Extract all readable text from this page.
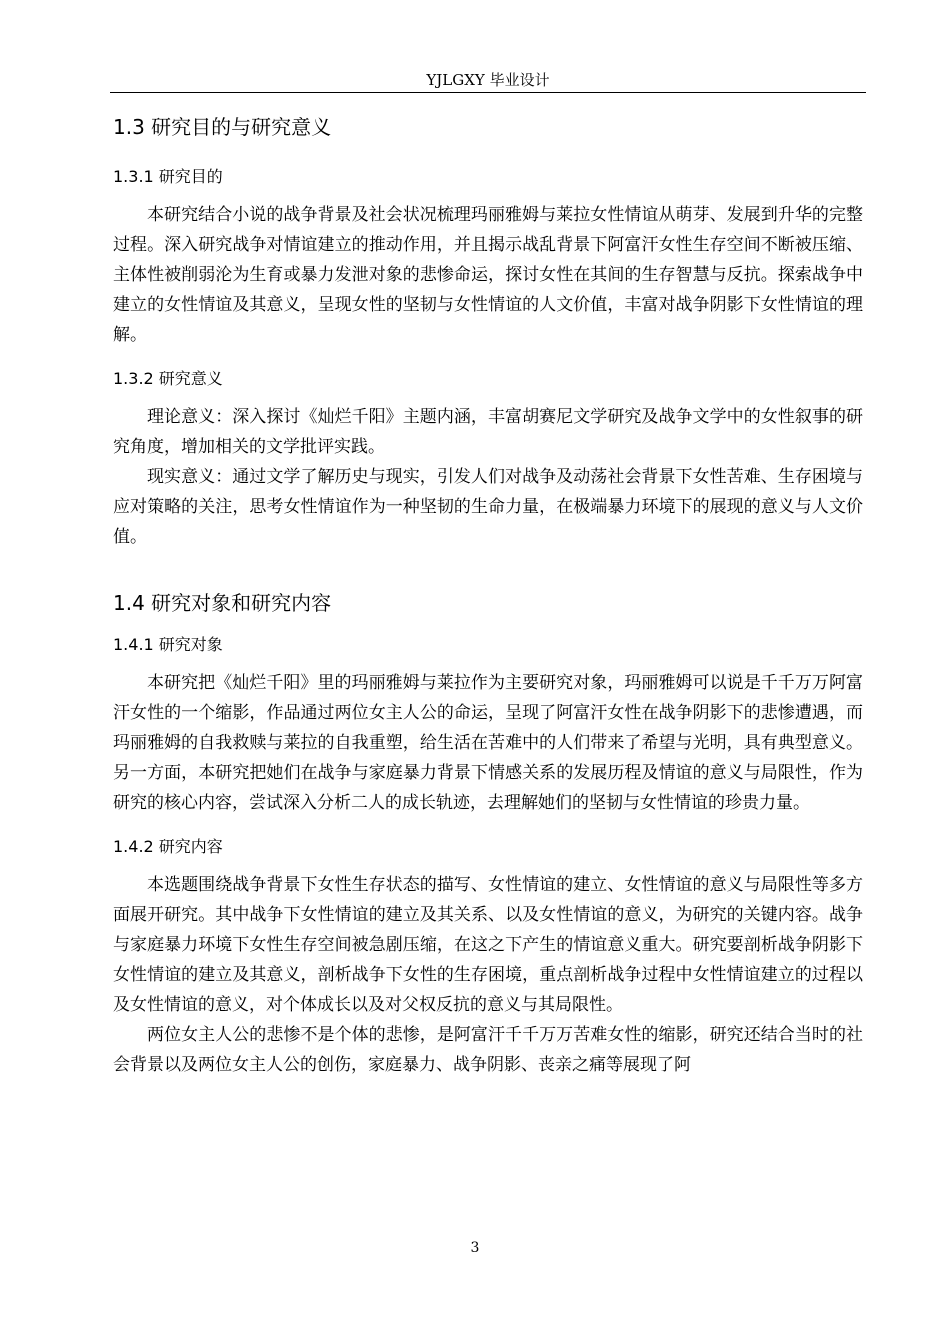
YJLGXY 毕业设计
1.3 研究目的与研究意义
1.3.1 研究目的

本研究结合小说的战争背景及社会状况梳理玛丽雅姆与莱拉女性情谊从萌芽、发展到升华的完整过程。深入研究战争对情谊建立的推动作用，并且揭示战乱背景下阿富汗女性生存空间不断被压缩、主体性被削弱沦为生育或暴力发泄对象的悲惨命运，探讨女性在其间的生存智慧与反抗。探索战争中建立的女性情谊及其意义，呈现女性的坚韧与女性情谊的人文价值，丰富对战争阴影下女性情谊的理解。

1.3.2 研究意义

理论意义：深入探讨《灿烂千阳》主题内涵，丰富胡赛尼文学研究及战争文学中的女性叙事的研究角度，增加相关的文学批评实践。

现实意义：通过文学了解历史与现实，引发人们对战争及动荡社会背景下女性苦难、生存困境与应对策略的关注，思考女性情谊作为一种坚韧的生命力量，在极端暴力环境下的展现的意义与人文价值。

1.4 研究对象和研究内容
1.4.1 研究对象

本研究把《灿烂千阳》里的玛丽雅姆与莱拉作为主要研究对象，玛丽雅姆可以说是千千万万阿富汗女性的一个缩影，作品通过两位女主人公的命运，呈现了阿富汗女性在战争阴影下的悲惨遭遇，而玛丽雅姆的自我救赎与莱拉的自我重塑，给生活在苦难中的人们带来了希望与光明，具有典型意义。另一方面，本研究把她们在战争与家庭暴力背景下情感关系的发展历程及情谊的意义与局限性，作为研究的核心内容，尝试深入分析二人的成长轨迹，去理解她们的坚韧与女性情谊的珍贵力量。

1.4.2 研究内容

本选题围绕战争背景下女性生存状态的描写、女性情谊的建立、女性情谊的意义与局限性等多方面展开研究。其中战争下女性情谊的建立及其关系、以及女性情谊的意义，为研究的关键内容。战争与家庭暴力环境下女性生存空间被急剧压缩，在这之下产生的情谊意义重大。研究要剖析战争阴影下女性情谊的建立及其意义，剖析战争下女性的生存困境，重点剖析战争过程中女性情谊建立的过程以及女性情谊的意义，对个体成长以及对父权反抗的意义与其局限性。

两位女主人公的悲惨不是个体的悲惨，是阿富汗千千万万苦难女性的缩影，研究还结合当时的社会背景以及两位女主人公的创伤，家庭暴力、战争阴影、丧亲之痛等展现了阿

3
